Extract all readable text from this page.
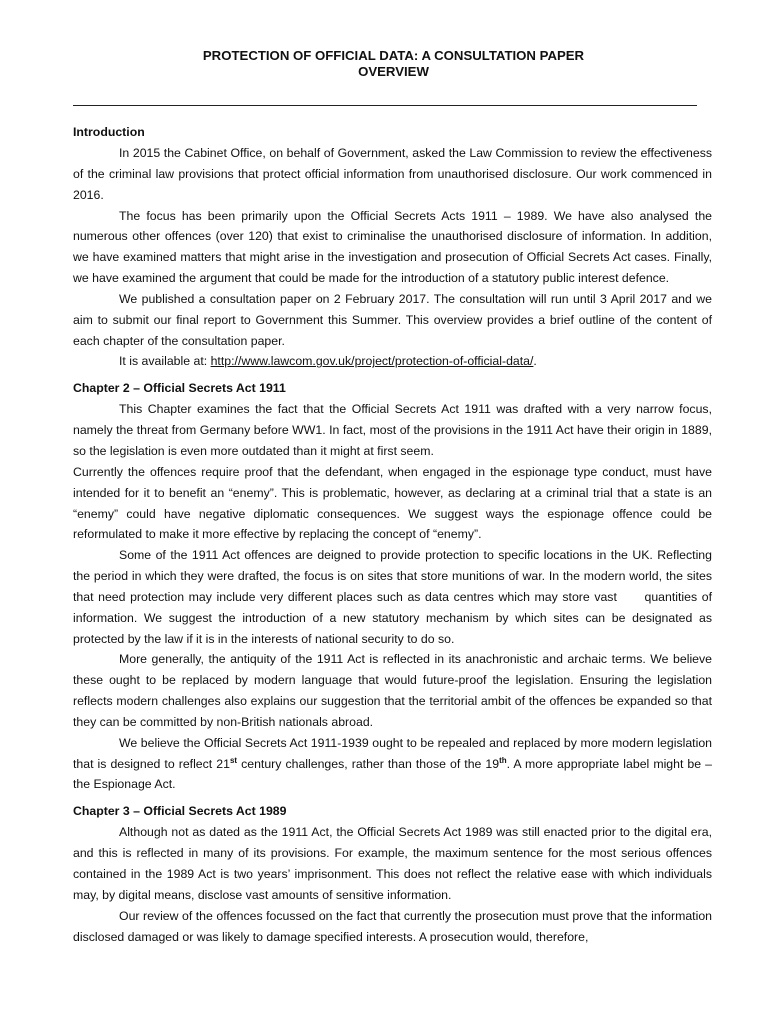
PROTECTION OF OFFICIAL DATA: A CONSULTATION PAPER
OVERVIEW
Introduction

In 2015 the Cabinet Office, on behalf of Government, asked the Law Commission to review the effectiveness of the criminal law provisions that protect official information from unauthorised disclosure. Our work commenced in 2016.

The focus has been primarily upon the Official Secrets Acts 1911 – 1989. We have also analysed the numerous other offences (over 120) that exist to criminalise the unauthorised disclosure of information. In addition, we have examined matters that might arise in the investigation and prosecution of Official Secrets Act cases. Finally, we have examined the argument that could be made for the introduction of a statutory public interest defence.

We published a consultation paper on 2 February 2017. The consultation will run until 3 April 2017 and we aim to submit our final report to Government this Summer. This overview provides a brief outline of the content of each chapter of the consultation paper.

It is available at: http://www.lawcom.gov.uk/project/protection-of-official-data/.

Chapter 2 – Official Secrets Act 1911

This Chapter examines the fact that the Official Secrets Act 1911 was drafted with a very narrow focus, namely the threat from Germany before WW1. In fact, most of the provisions in the 1911 Act have their origin in 1889, so the legislation is even more outdated than it might at first seem.

Currently the offences require proof that the defendant, when engaged in the espionage type conduct, must have intended for it to benefit an “enemy”. This is problematic, however, as declaring at a criminal trial that a state is an “enemy” could have negative diplomatic consequences. We suggest ways the espionage offence could be reformulated to make it more effective by replacing the concept of “enemy”.

Some of the 1911 Act offences are deigned to provide protection to specific locations in the UK. Reflecting the period in which they were drafted, the focus is on sites that store munitions of war. In the modern world, the sites that need protection may include very different places such as data centres which may store vast quantities of information. We suggest the introduction of a new statutory mechanism by which sites can be designated as protected by the law if it is in the interests of national security to do so.

More generally, the antiquity of the 1911 Act is reflected in its anachronistic and archaic terms. We believe these ought to be replaced by modern language that would future-proof the legislation. Ensuring the legislation reflects modern challenges also explains our suggestion that the territorial ambit of the offences be expanded so that they can be committed by non-British nationals abroad.

We believe the Official Secrets Act 1911-1939 ought to be repealed and replaced by more modern legislation that is designed to reflect 21st century challenges, rather than those of the 19th. A more appropriate label might be – the Espionage Act.

Chapter 3 – Official Secrets Act 1989

Although not as dated as the 1911 Act, the Official Secrets Act 1989 was still enacted prior to the digital era, and this is reflected in many of its provisions. For example, the maximum sentence for the most serious offences contained in the 1989 Act is two years’ imprisonment. This does not reflect the relative ease with which individuals may, by digital means, disclose vast amounts of sensitive information.

Our review of the offences focussed on the fact that currently the prosecution must prove that the information disclosed damaged or was likely to damage specified interests. A prosecution would, therefore,
